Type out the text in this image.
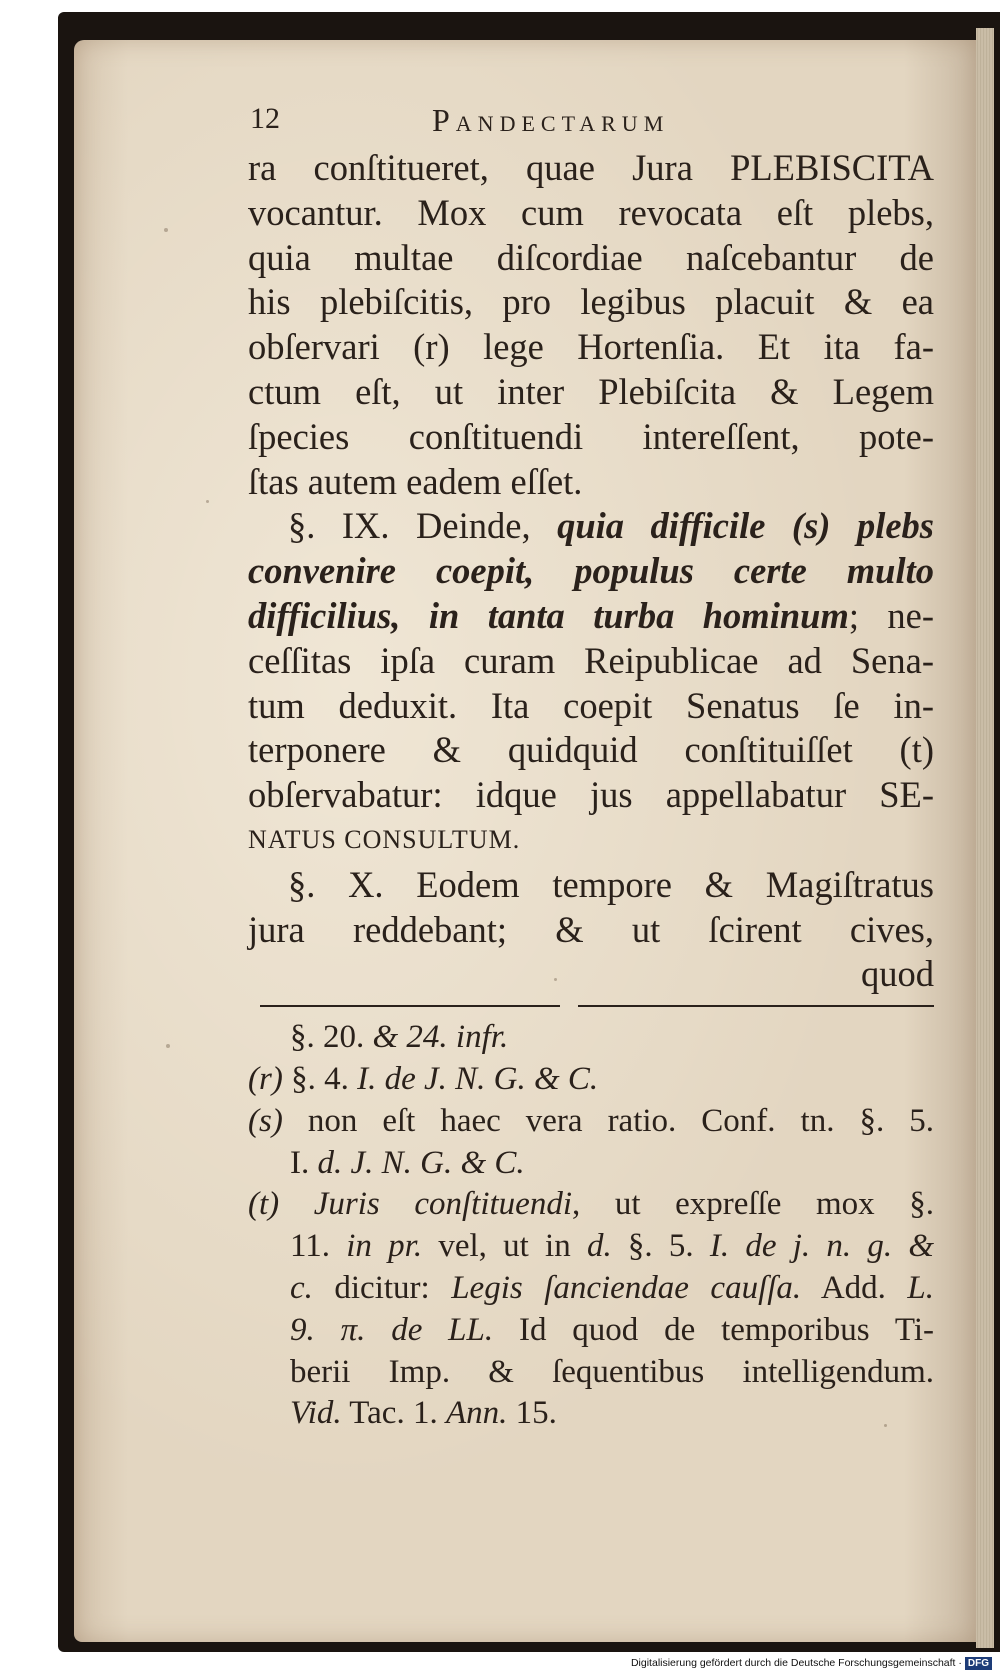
12	Pandectarum
ra conſtitueret, quae Jura PLEBISCITA
vocantur. Mox cum revocata eſt plebs,
quia multae diſcordiae naſcebantur de
his plebiſcitis, pro legibus placuit & ea
obſervari (r) lege Hortenſia. Et ita fa-
ctum eſt, ut inter Plebiſcita & Legem
ſpecies conſtituendi intereſſent, pote-
ſtas autem eadem eſſet.
§. IX. Deinde, quia difficile (s) plebs
convenire coepit, populus certe multo
difficilius, in tanta turba hominum; ne-
ceſſitas ipſa curam Reipublicae ad Sena-
tum deduxit. Ita coepit Senatus ſe in-
terponere & quidquid conſtituiſſet (t)
obſervabatur: idque jus appellabatur SE-
NATUS CONSULTUM.
§. X. Eodem tempore & Magiſtratus
jura reddebant; & ut ſcirent cives,
quod
§. 20. & 24. infr.
(r) §. 4. I. de J. N. G. & C.
(s) non eſt haec vera ratio. Conf. tn. §. 5.
I. d. J. N. G. & C.
(t) Juris conſtituendi, ut expreſſe mox §.
11. in pr. vel, ut in d. §. 5. I. de j. n. g. &
c. dicitur: Legis ſanciendae cauſſa. Add. L.
9. π. de LL. Id quod de temporibus Ti-
berii Imp. & ſequentibus intelligendum.
Vid. Tac. 1. Ann. 15.
Digitalisierung gefördert durch die Deutsche Forschungsgemeinschaft · DFG
